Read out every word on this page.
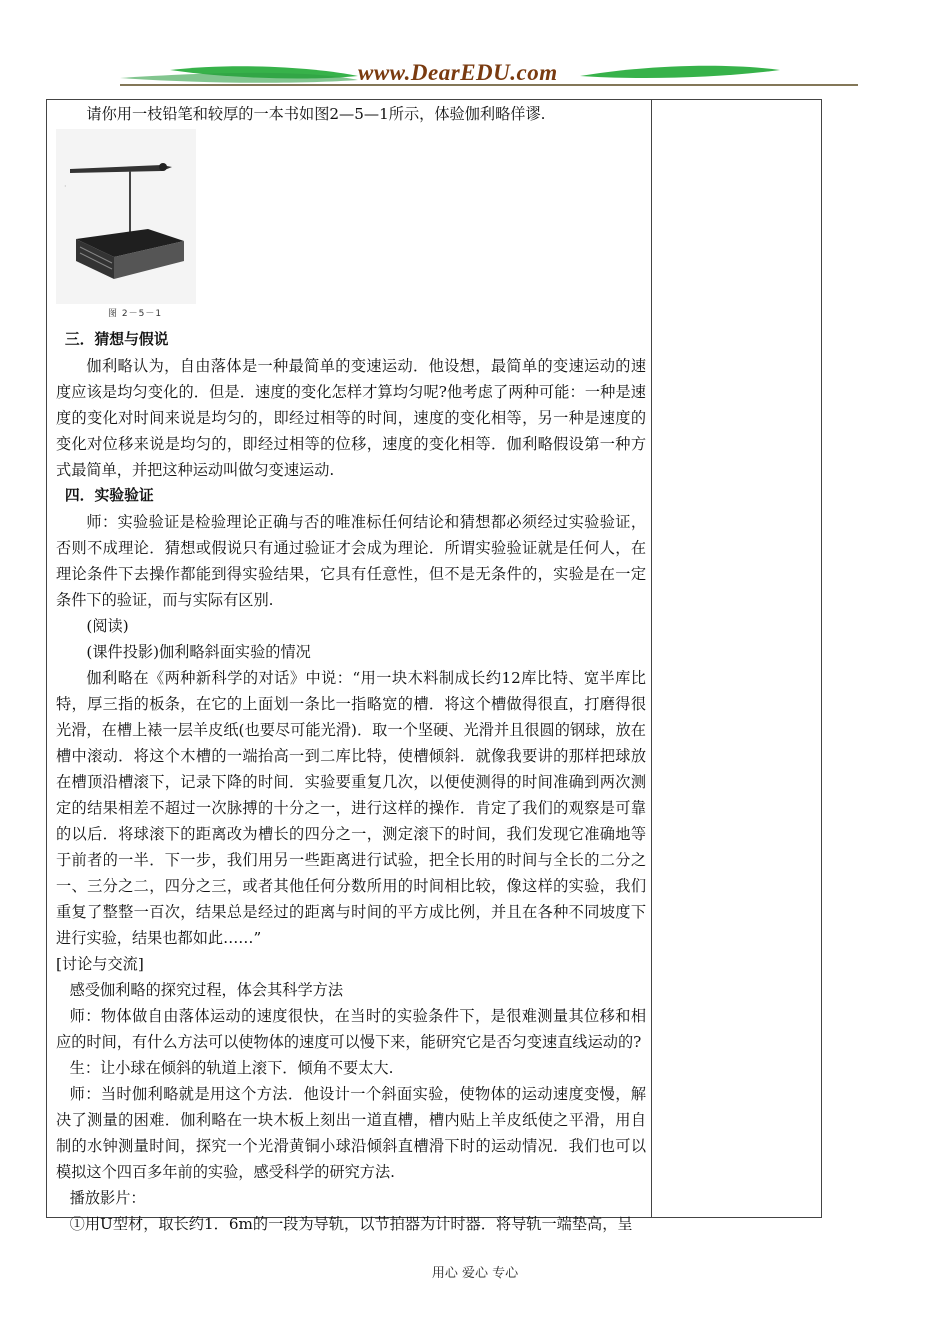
www.DearEDU.com

请你用一枝铅笔和较厚的一本书如图2—5—1所示，体验伽利略佯谬.

·
图 2－5－1

三．猜想与假说

伽利略认为，自由落体是一种最简单的变速运动．他设想，最简单的变速运动的速度应该是均匀变化的．但是．速度的变化怎样才算均匀呢?他考虑了两种可能：一种是速度的变化对时间来说是均匀的，即经过相等的时间，速度的变化相等，另一种是速度的变化对位移来说是均匀的，即经过相等的位移，速度的变化相等．伽利略假设第一种方式最简单，并把这种运动叫做匀变速运动.

四．实验验证

师：实验验证是检验理论正确与否的唯准标任何结论和猜想都必须经过实验验证，否则不成理论．猜想或假说只有通过验证才会成为理论．所谓实验验证就是任何人，在理论条件下去操作都能到得实验结果，它具有任意性，但不是无条件的，实验是在一定条件下的验证，而与实际有区别.

(阅读)

(课件投影)伽利略斜面实验的情况

伽利略在《两种新科学的对话》中说：“用一块木料制成长约12库比特、宽半库比特，厚三指的板条，在它的上面划一条比一指略宽的槽．将这个槽做得很直，打磨得很光滑，在槽上裱一层羊皮纸(也要尽可能光滑)．取一个坚硬、光滑并且很圆的钢球，放在槽中滚动．将这个木槽的一端抬高一到二库比特，使槽倾斜．就像我要讲的那样把球放在槽顶沿槽滚下，记录下降的时间．实验要重复几次，以便使测得的时间准确到两次测定的结果相差不超过一次脉搏的十分之一，进行这样的操作．肯定了我们的观察是可靠的以后．将球滚下的距离改为槽长的四分之一，测定滚下的时间，我们发现它准确地等于前者的一半．下一步，我们用另一些距离进行试验，把全长用的时间与全长的二分之一、三分之二，四分之三，或者其他任何分数所用的时间相比较，像这样的实验，我们重复了整整一百次，结果总是经过的距离与时间的平方成比例，并且在各种不同坡度下进行实验，结果也都如此……”

[讨论与交流]

感受伽利略的探究过程，体会其科学方法

师：物体做自由落体运动的速度很快，在当时的实验条件下，是很难测量其位移和相应的时间，有什么方法可以使物体的速度可以慢下来，能研究它是否匀变速直线运动的?

生：让小球在倾斜的轨道上滚下．倾角不要太大.

师：当时伽利略就是用这个方法．他设计一个斜面实验，使物体的运动速度变慢，解决了测量的困难．伽利略在一块木板上刻出一道直槽，槽内贴上羊皮纸使之平滑，用自制的水钟测量时间，探究一个光滑黄铜小球沿倾斜直槽滑下时的运动情况．我们也可以模拟这个四百多年前的实验，感受科学的研究方法.

播放影片：

①用U型材，取长约1．6m的一段为导轨，以节拍器为计时器．将导轨一端垫高，呈

用心 爱心 专心
